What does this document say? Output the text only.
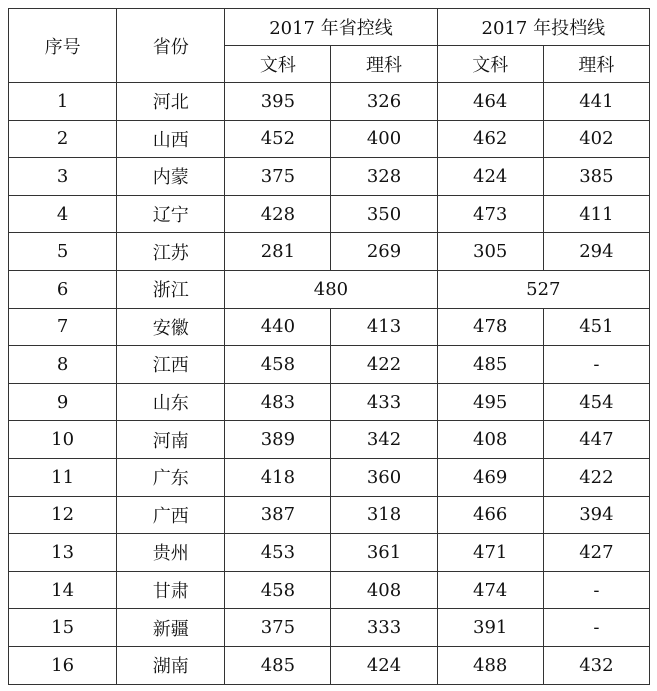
序号	省份	2017 年省控线		2017 年投档线	
		文科	理科	文科	理科
1	河北	395	326	464	441
2	山西	452	400	462	402
3	内蒙	375	328	424	385
4	辽宁	428	350	473	411
5	江苏	281	269	305	294
6	浙江	480		527	
7	安徽	440	413	478	451
8	江西	458	422	485	-
9	山东	483	433	495	454
10	河南	389	342	408	447
11	广东	418	360	469	422
12	广西	387	318	466	394
13	贵州	453	361	471	427
14	甘肃	458	408	474	-
15	新疆	375	333	391	-
16	湖南	485	424	488	432
